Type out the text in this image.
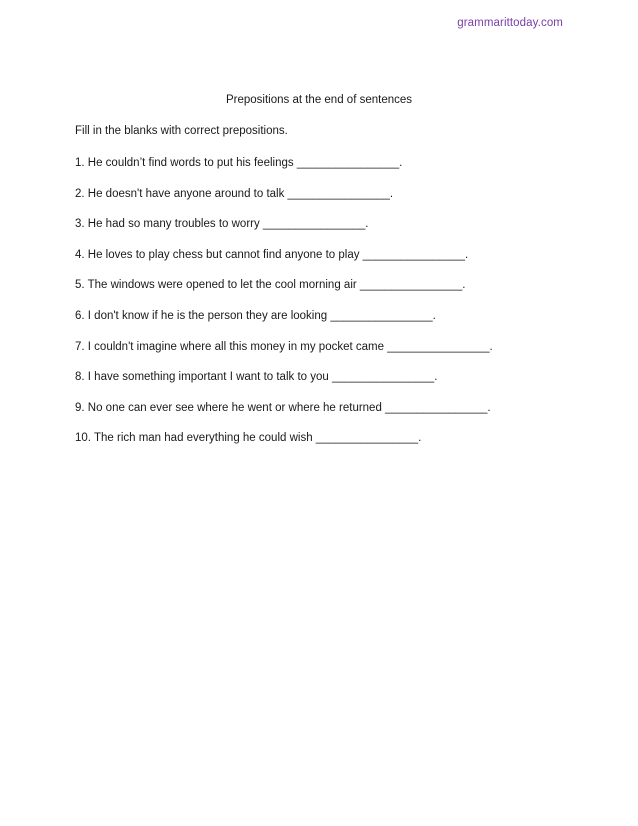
grammarittoday.com
Prepositions at the end of sentences
Fill in the blanks with correct prepositions.
1. He couldn’t find words to put his feelings ________________.
2. He doesn't have anyone around to talk ________________.
3. He had so many troubles to worry ________________.
4. He loves to play chess but cannot find anyone to play ________________.
5. The windows were opened to let the cool morning air ________________.
6. I don't know if he is the person they are looking ________________.
7. I couldn't imagine where all this money in my pocket came ________________.
8. I have something important I want to talk to you ________________.
9. No one can ever see where he went or where he returned ________________.
10. The rich man had everything he could wish ________________.
